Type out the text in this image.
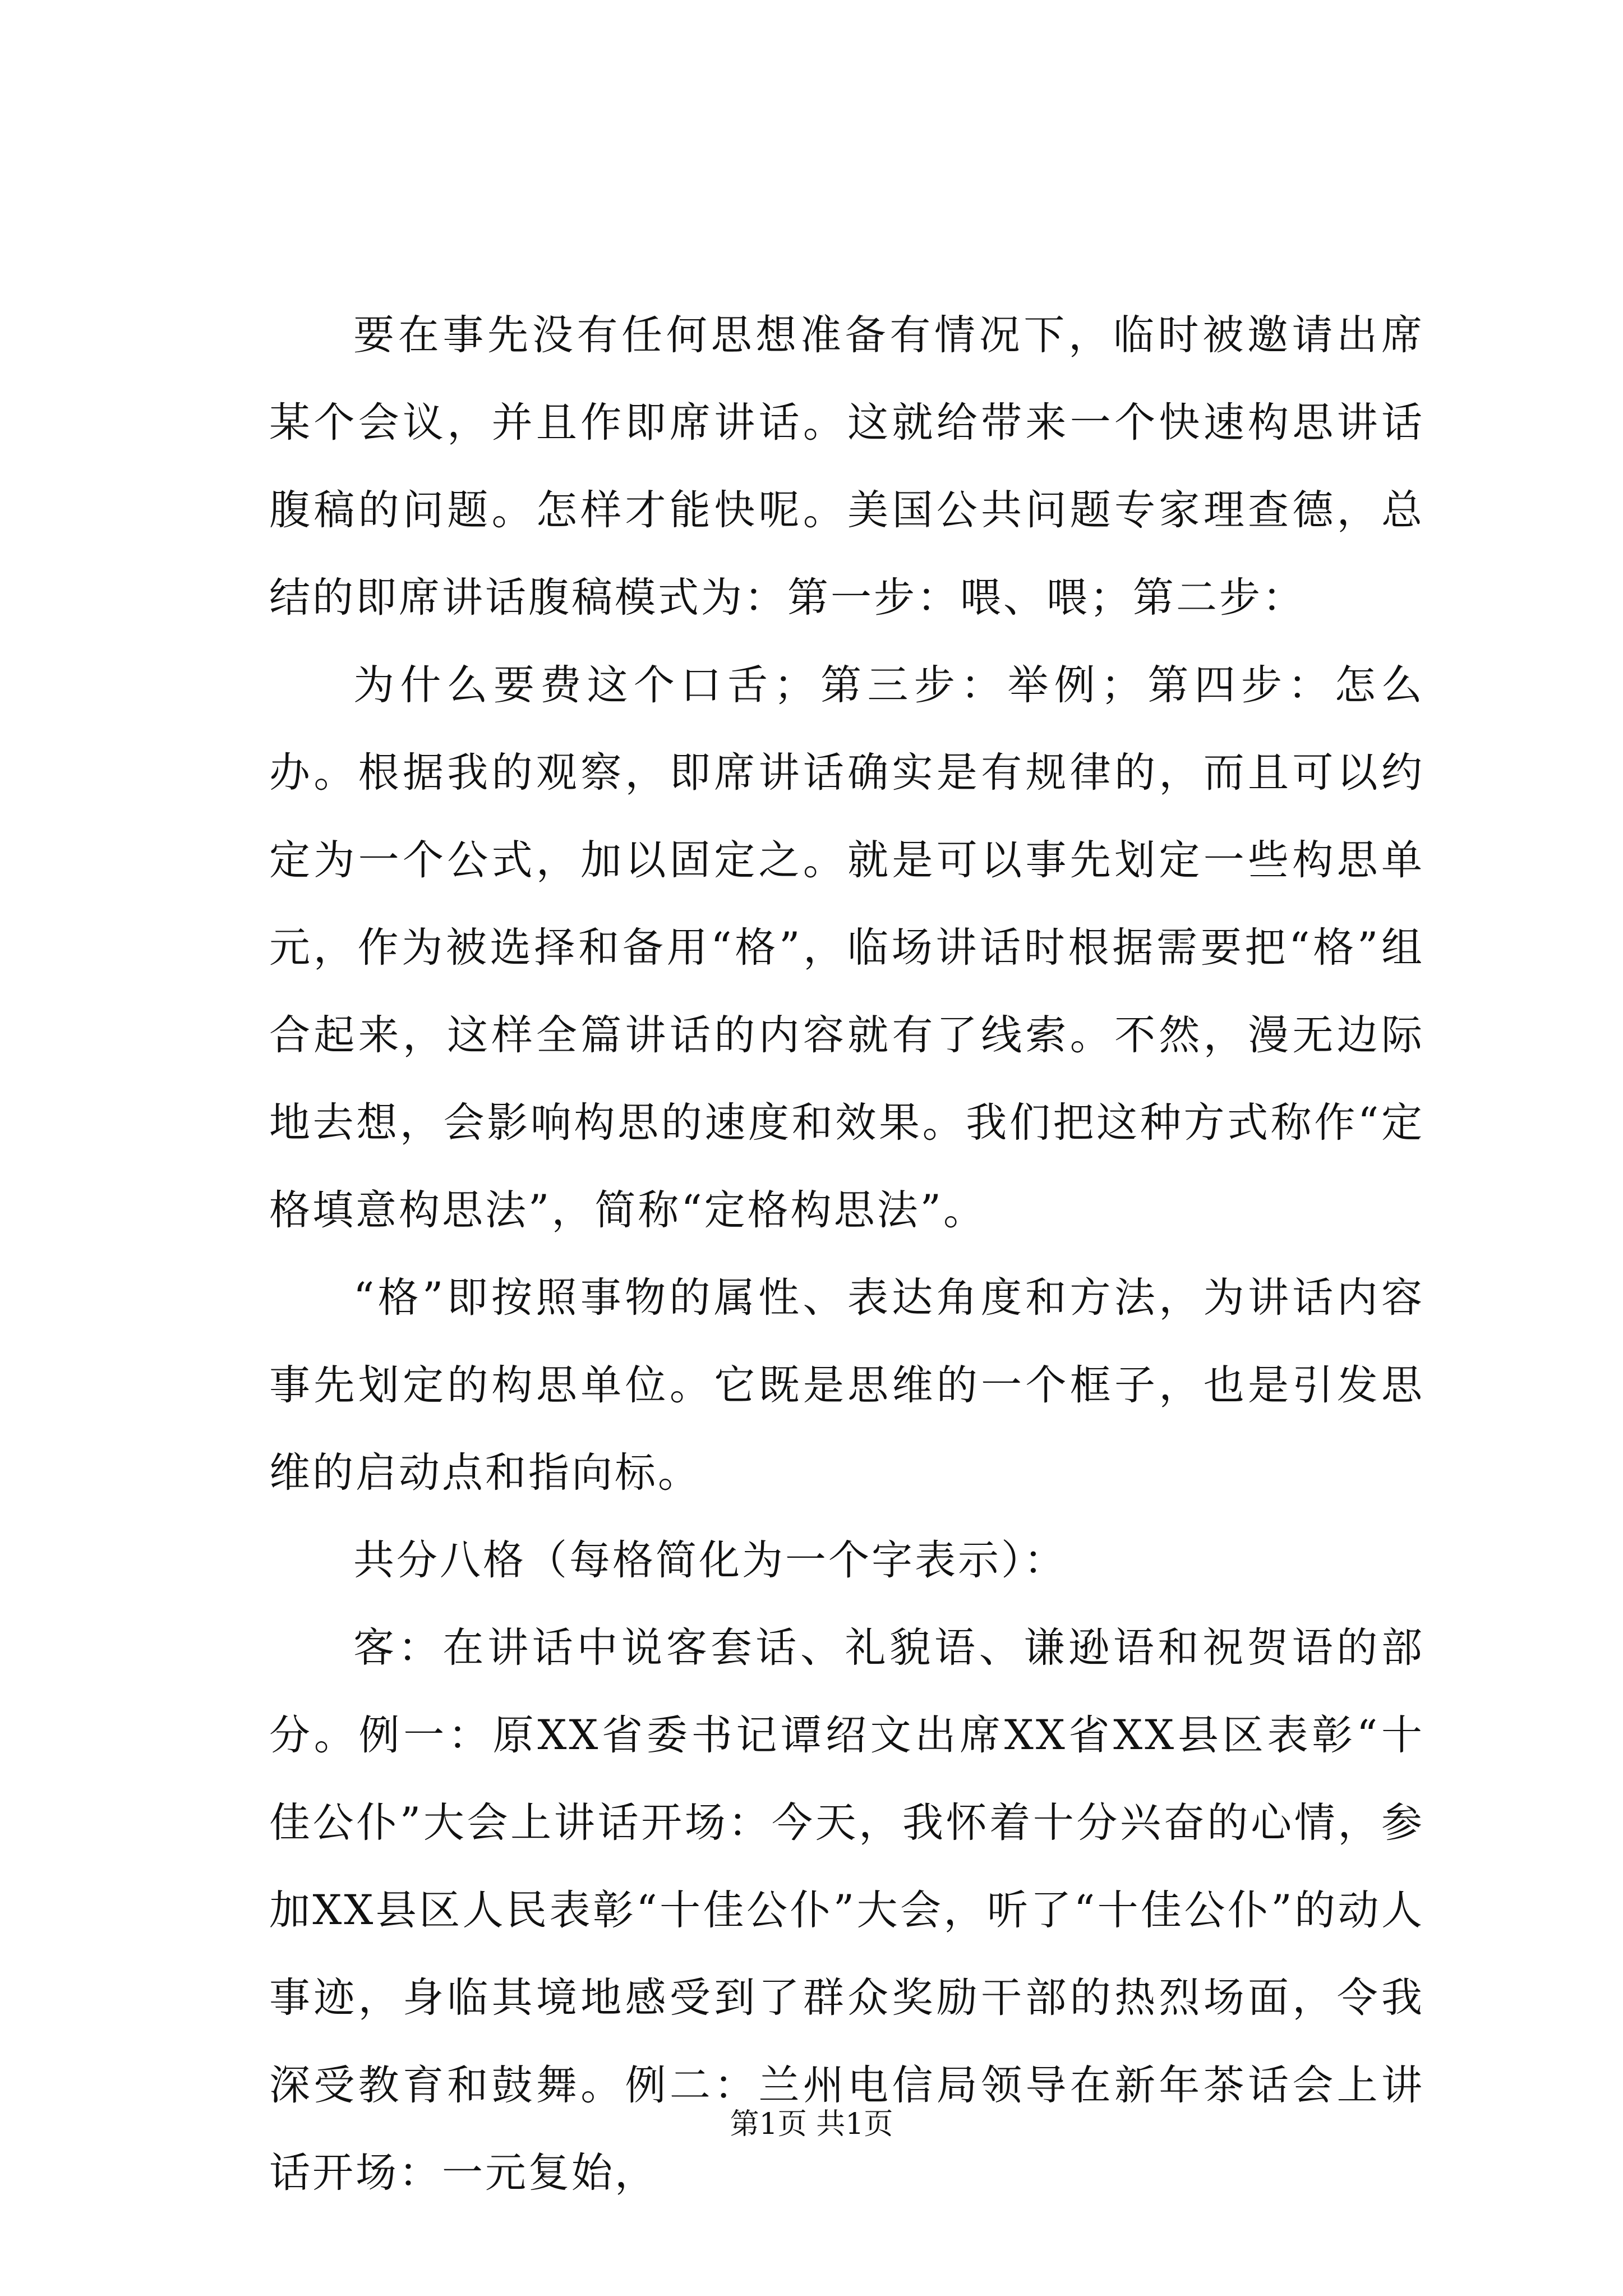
要在事先没有任何思想准备有情况下，临时被邀请出席某个会议，并且作即席讲话。这就给带来一个快速构思讲话腹稿的问题。怎样才能快呢。美国公共问题专家理查德，总结的即席讲话腹稿模式为：第一步：喂、喂；第二步：

为什么要费这个口舌；第三步：举例；第四步：怎么办。根据我的观察，即席讲话确实是有规律的，而且可以约定为一个公式，加以固定之。就是可以事先划定一些构思单元，作为被选择和备用“格”，临场讲话时根据需要把“格”组合起来，这样全篇讲话的内容就有了线索。不然，漫无边际地去想，会影响构思的速度和效果。我们把这种方式称作“定格填意构思法”，简称“定格构思法”。

“格”即按照事物的属性、表达角度和方法，为讲话内容事先划定的构思单位。它既是思维的一个框子，也是引发思维的启动点和指向标。

共分八格（每格简化为一个字表示）：

客：在讲话中说客套话、礼貌语、谦逊语和祝贺语的部分。例一：原XX省委书记谭绍文出席XX省XX县区表彰“十佳公仆”大会上讲话开场：今天，我怀着十分兴奋的心情，参加XX县区人民表彰“十佳公仆”大会，听了“十佳公仆”的动人事迹，身临其境地感受到了群众奖励干部的热烈场面，令我深受教育和鼓舞。例二：兰州电信局领导在新年茶话会上讲话开场：一元复始，

第1页 共1页
